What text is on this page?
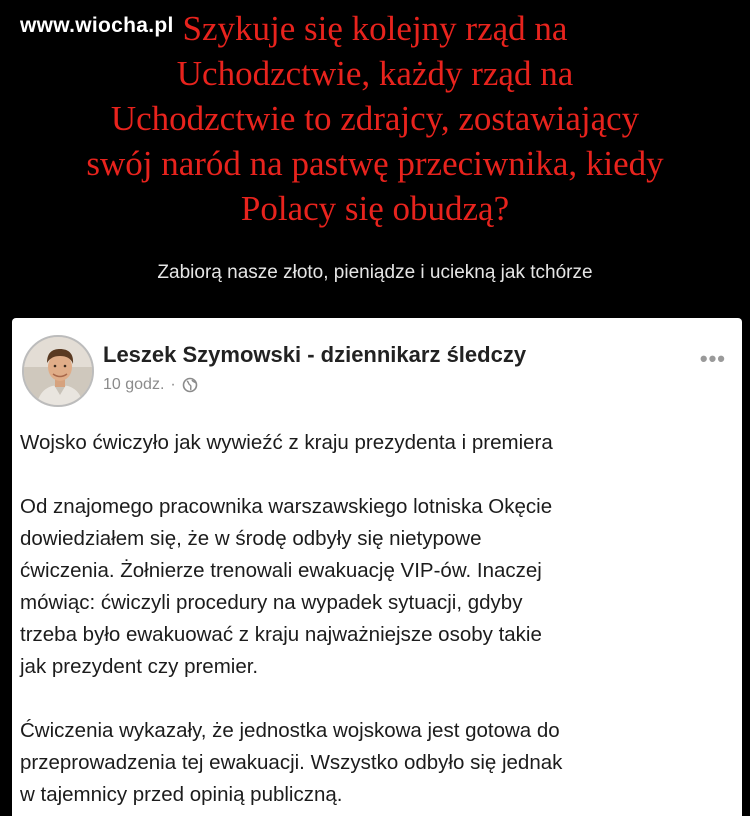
www.wiocha.pl Szykuje się kolejny rząd na
Uchodzctwie, każdy rząd na
Uchodzctwie to zdrajcy, zostawiający
swój naród na pastwę przeciwnika, kiedy
Polacy się obudzą?
Zabiorą nasze złoto, pieniądze i uciekną jak tchórze
Leszek Szymowski - dziennikarz śledczy
10 godz. ·
•••

Wojsko ćwiczyło jak wywieźć z kraju prezydenta i premiera

Od znajomego pracownika warszawskiego lotniska Okęcie
dowiedziałem się, że w środę odbyły się nietypowe
ćwiczenia. Żołnierze trenowali ewakuację VIP-ów. Inaczej
mówiąc: ćwiczyli procedury na wypadek sytuacji, gdyby
trzeba było ewakuować z kraju najważniejsze osoby takie
jak prezydent czy premier.

Ćwiczenia wykazały, że jednostka wojskowa jest gotowa do
przeprowadzenia tej ewakuacji. Wszystko odbyło się jednak
w tajemnicy przed opinią publiczną.
